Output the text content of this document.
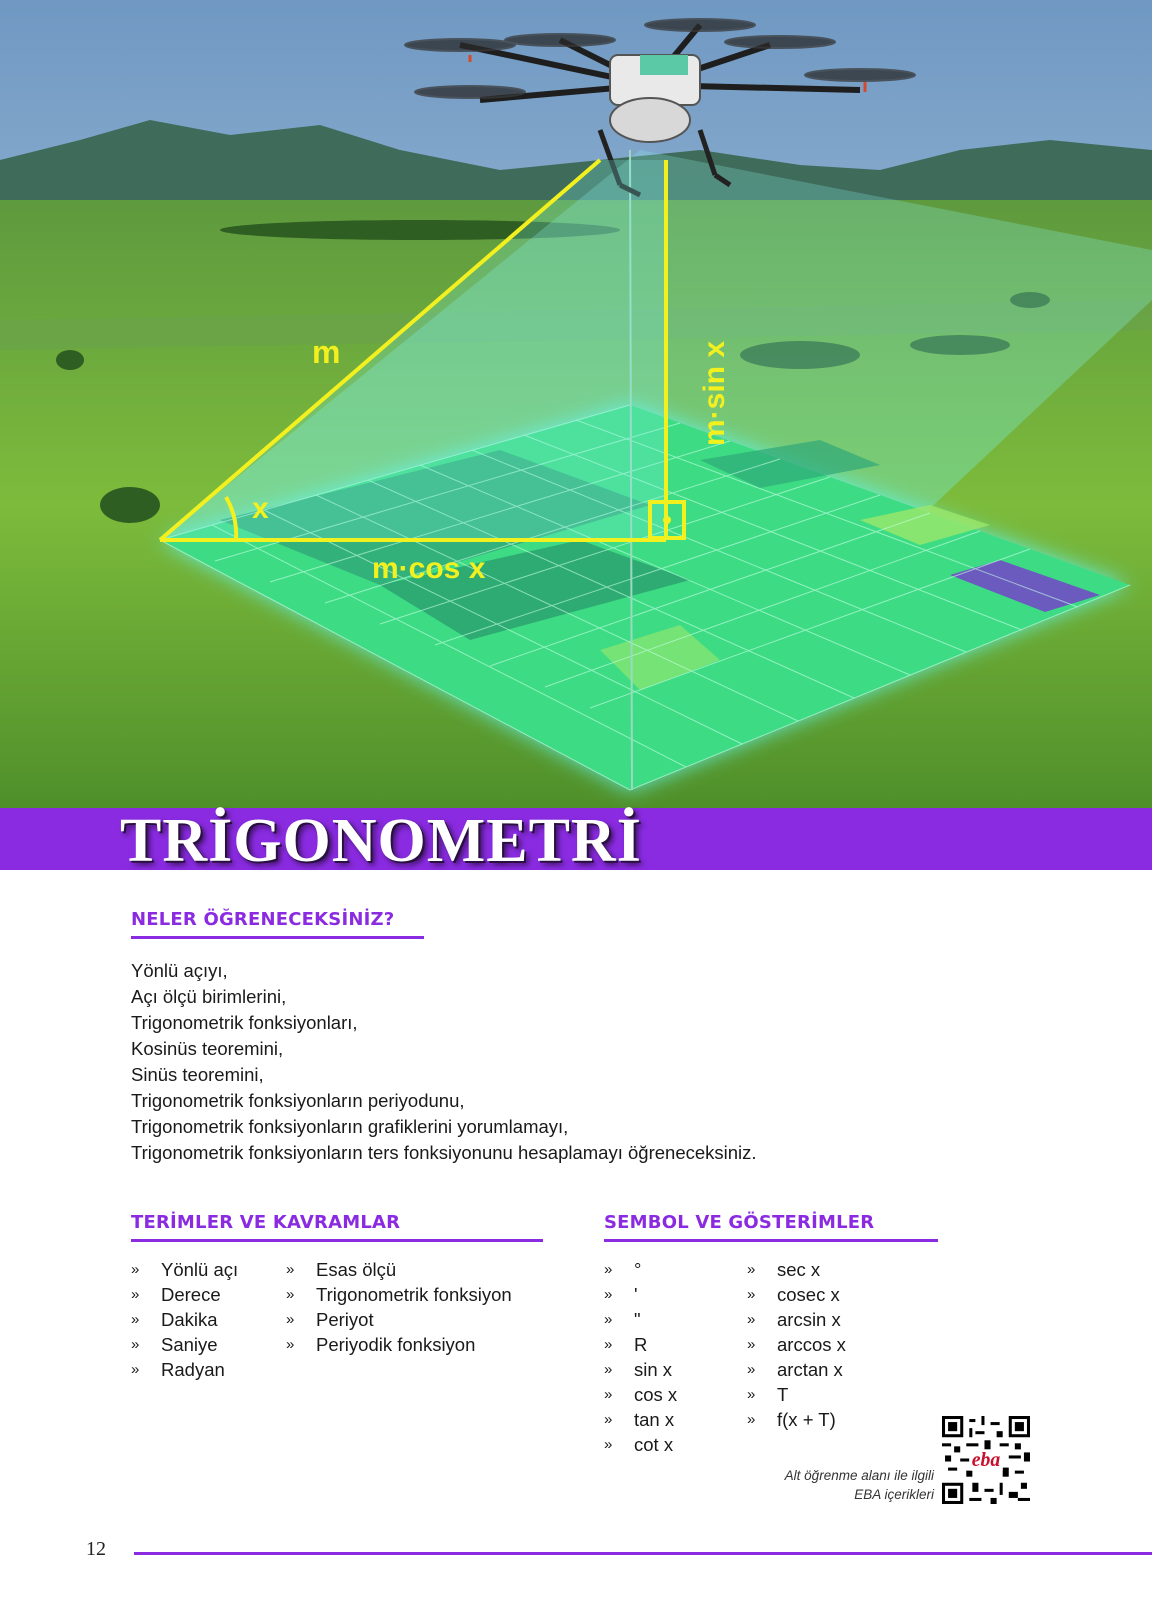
m
x
m·cos x
m·sin x
TRİGONOMETRİ
NELER ÖĞRENECEKSİNİZ?
Yönlü açıyı,
Açı ölçü birimlerini,
Trigonometrik fonksiyonları,
Kosinüs teoremini,
Sinüs teoremini,
Trigonometrik fonksiyonların periyodunu,
Trigonometrik fonksiyonların grafiklerini yorumlamayı,
Trigonometrik fonksiyonların ters fonksiyonunu hesaplamayı öğreneceksiniz.
TERİMLER VE KAVRAMLAR
» Yönlü açı
» Derece
» Dakika
» Saniye
» Radyan
» Esas ölçü
» Trigonometrik fonksiyon
» Periyot
» Periyodik fonksiyon
SEMBOL VE GÖSTERİMLER
» °
» ʹ
» ʺ
» R
» sin x
» cos x
» tan x
» cot x
» sec x
» cosec x
» arcsin x
» arccos x
» arctan x
» T
» f(x + T)
Alt öğrenme alanı ile ilgili
EBA içerikleri
eba
12
